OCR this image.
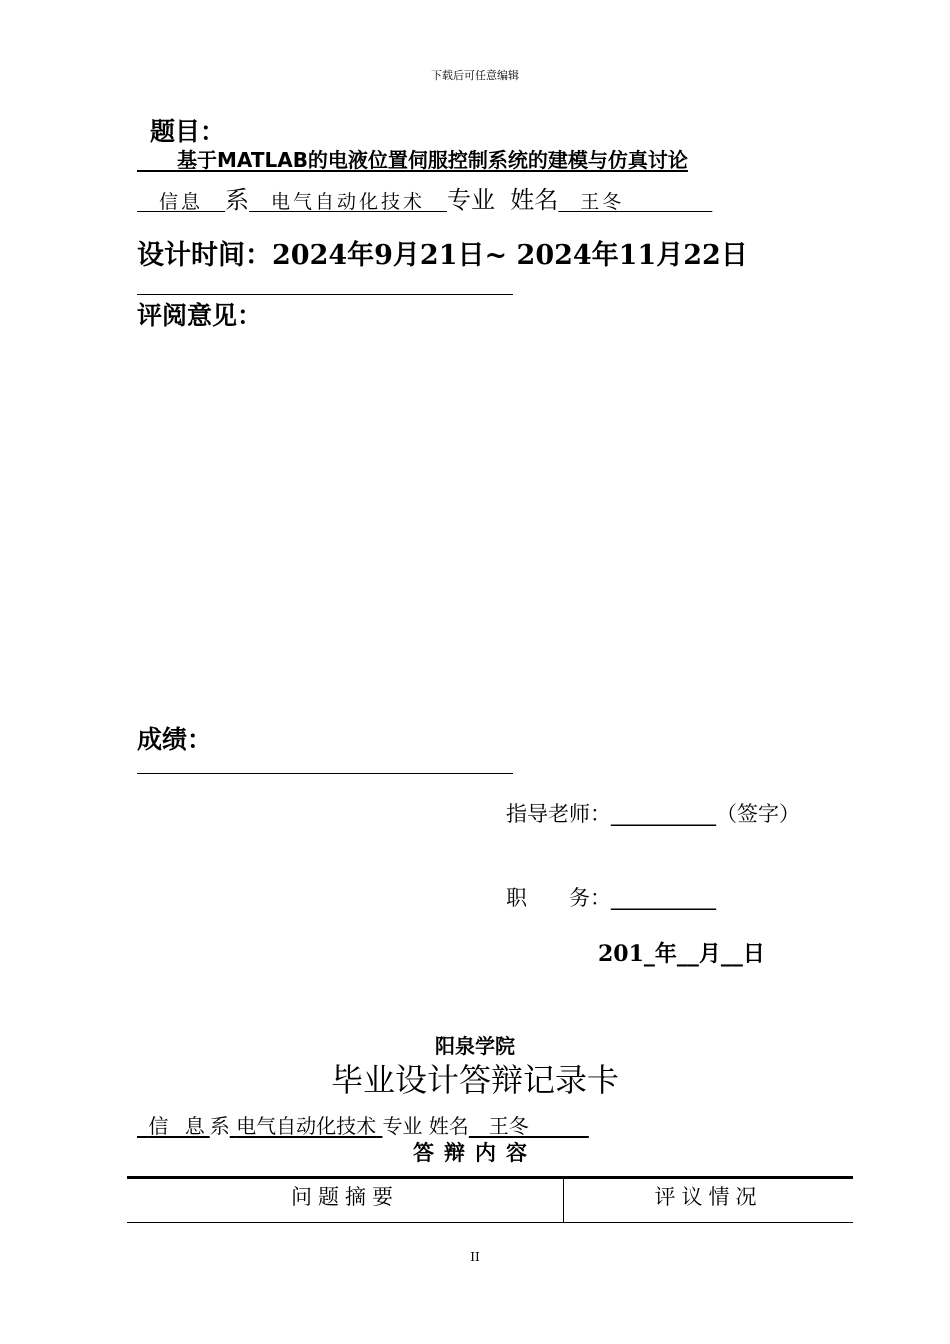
下载后可任意编辑
题目：
　　基于MATLAB的电液位置伺服控制系统的建模与仿真讨论
　信息　系　电气自动化技术　专业 姓名　王冬　　　　
设计时间：2024年9月21日~ 2024年11月22日
评阅意见：
成绩：
指导老师：__________（签字）
职　　务：__________
201_年__月__日
阳泉学院
毕业设计答辩记录卡
信 息系 电气自动化技术 专业 姓名　王冬　　　
答辩内容
问题摘要	评议情况
II
